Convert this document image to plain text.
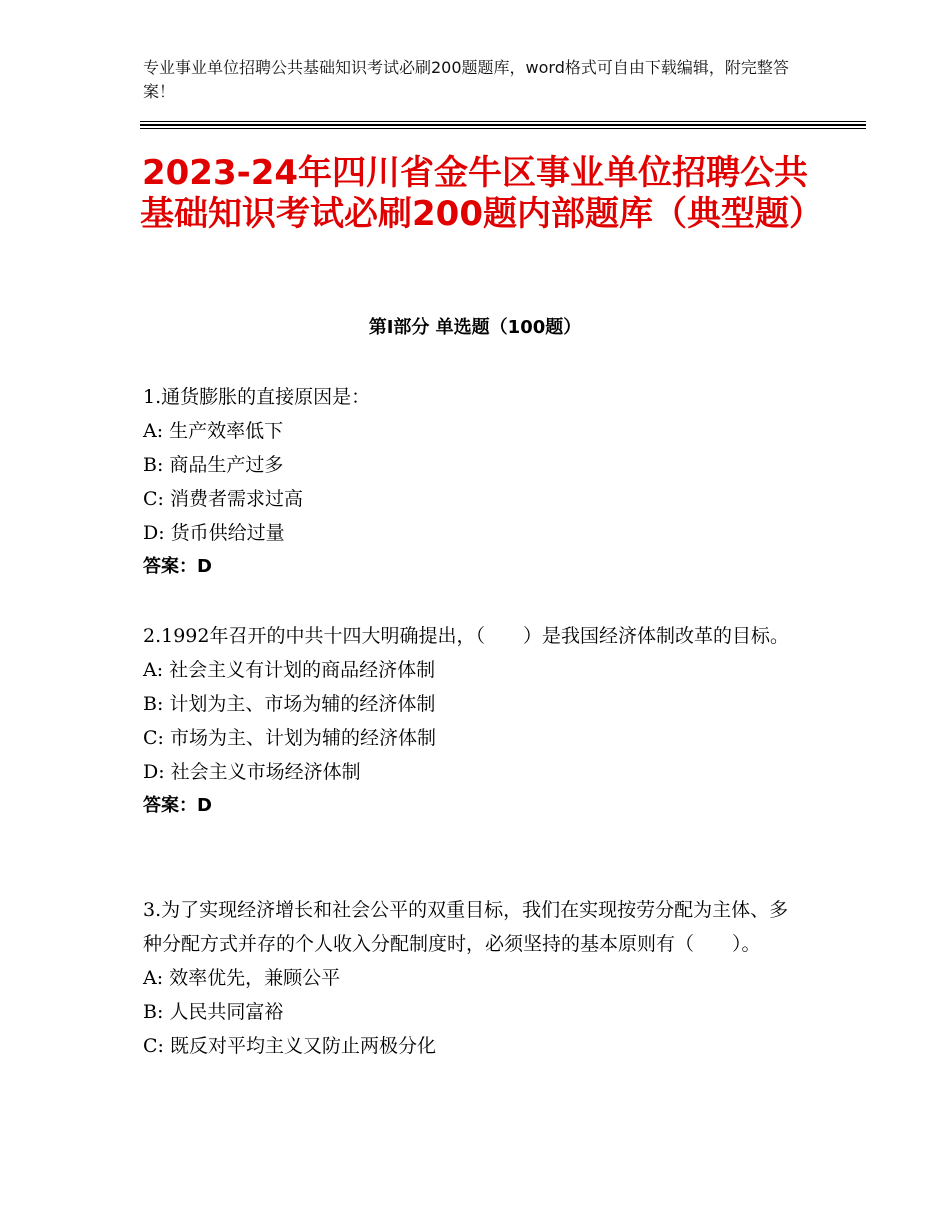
专业事业单位招聘公共基础知识考试必刷200题题库，word格式可自由下载编辑，附完整答案！
2023-24年四川省金牛区事业单位招聘公共基础知识考试必刷200题内部题库（典型题）
第I部分 单选题（100题）
1.通货膨胀的直接原因是：
A: 生产效率低下
B: 商品生产过多
C: 消费者需求过高
D: 货币供给过量
答案：D
2.1992年召开的中共十四大明确提出，（　　）是我国经济体制改革的目标。
A: 社会主义有计划的商品经济体制
B: 计划为主、市场为辅的经济体制
C: 市场为主、计划为辅的经济体制
D: 社会主义市场经济体制
答案：D
3.为了实现经济增长和社会公平的双重目标，我们在实现按劳分配为主体、多种分配方式并存的个人收入分配制度时，必须坚持的基本原则有（　　）。
A: 效率优先，兼顾公平
B: 人民共同富裕
C: 既反对平均主义又防止两极分化
